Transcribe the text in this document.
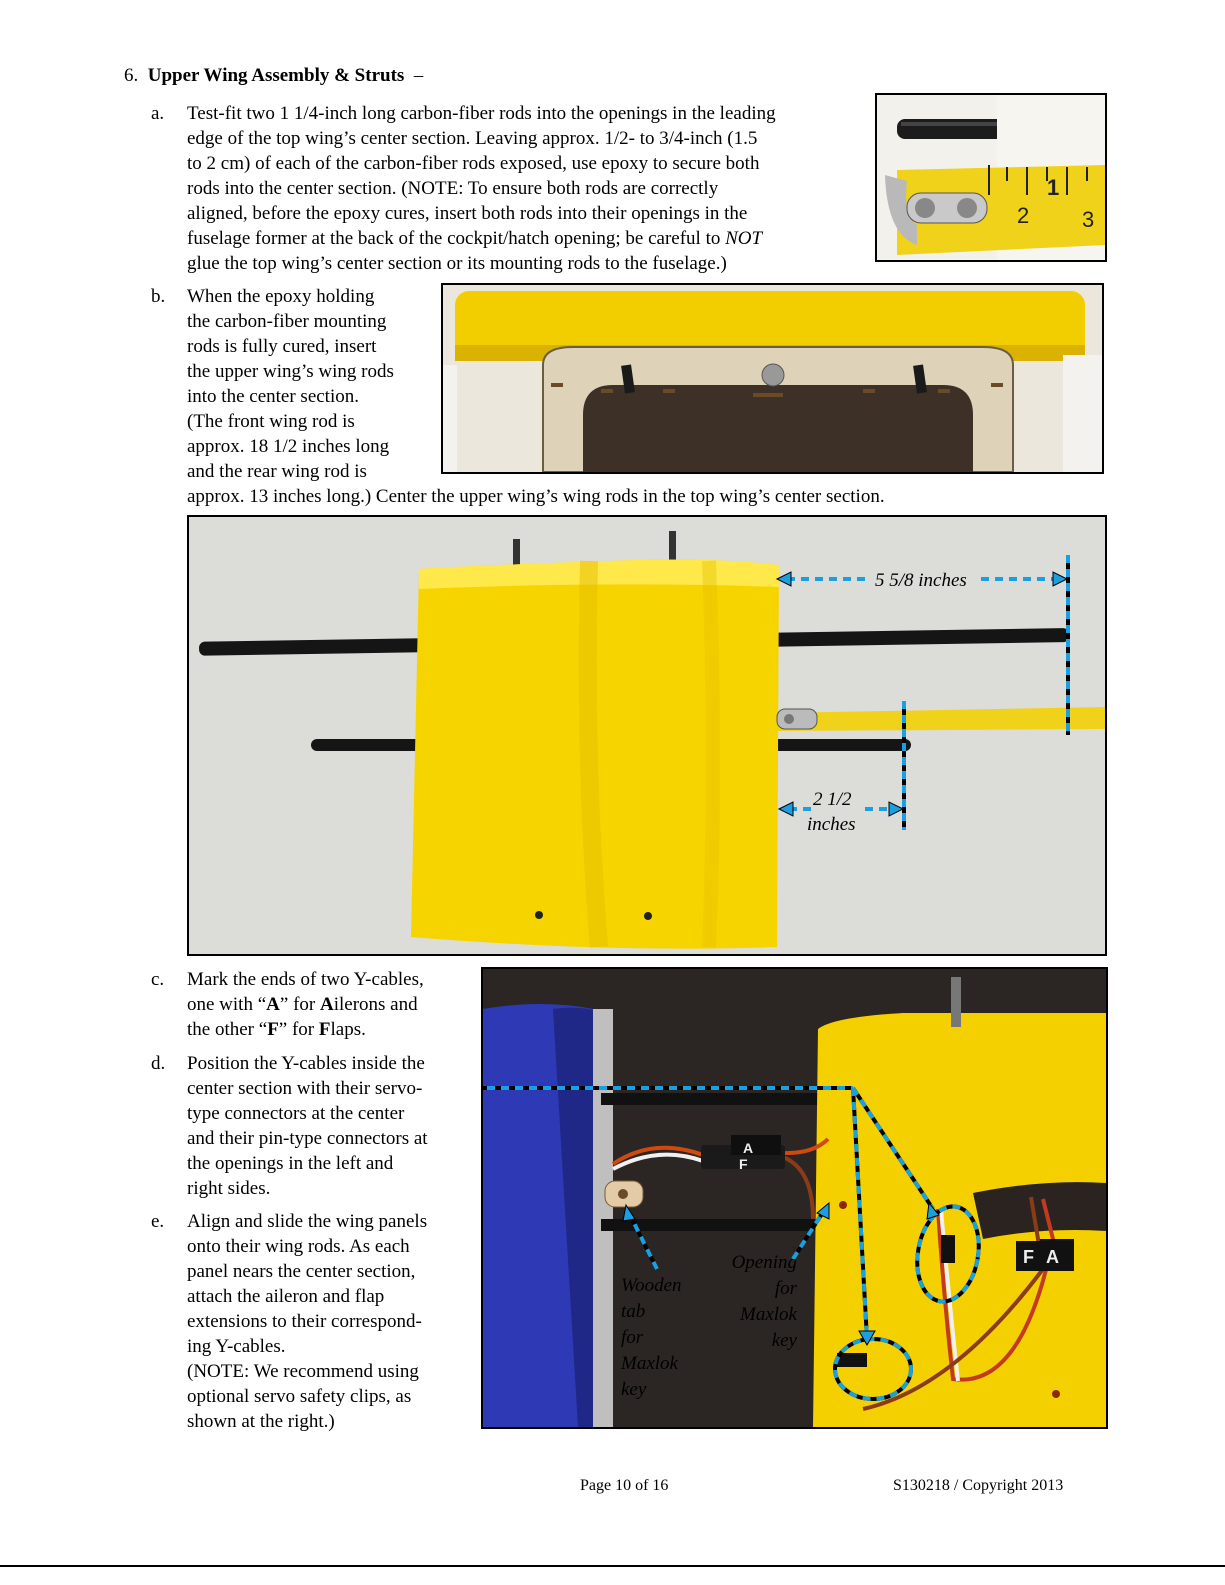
6. Upper Wing Assembly & Struts –
a. Test-fit two 1 1/4-inch long carbon-fiber rods into the openings in the leading
edge of the top wing’s center section. Leaving approx. 1/2- to 3/4-inch (1.5
to 2 cm) of each of the carbon-fiber rods exposed, use epoxy to secure both
rods into the center section. (NOTE: To ensure both rods are correctly
aligned, before the epoxy cures, insert both rods into their openings in the
fuselage former at the back of the cockpit/hatch opening; be careful to NOT
glue the top wing’s center section or its mounting rods to the fuselage.)
1
2 3
b. When the epoxy holding
the carbon-fiber mounting
rods is fully cured, insert
the upper wing’s wing rods
into the center section.
(The front wing rod is
approx. 18 1/2 inches long
and the rear wing rod is
approx. 13 inches long.) Center the upper wing’s wing rods in the top wing’s center section.
5 5/8 inches
2 1/2
inches
c. Mark the ends of two Y-cables,
one with “A” for Ailerons and
the other “F” for Flaps.
d. Position the Y-cables inside the
center section with their servo-
type connectors at the center
and their pin-type connectors at
the openings in the left and
right sides.
e. Align and slide the wing panels
onto their wing rods. As each
panel nears the center section,
attach the aileron and flap
extensions to their correspond-
ing Y-cables.
(NOTE: We recommend using
optional servo safety clips, as
shown at the right.)
A
F
F A
Wooden
tab
for
Maxlok
key
Opening
for
Maxlok
key
Page 10 of 16	S130218 / Copyright 2013
